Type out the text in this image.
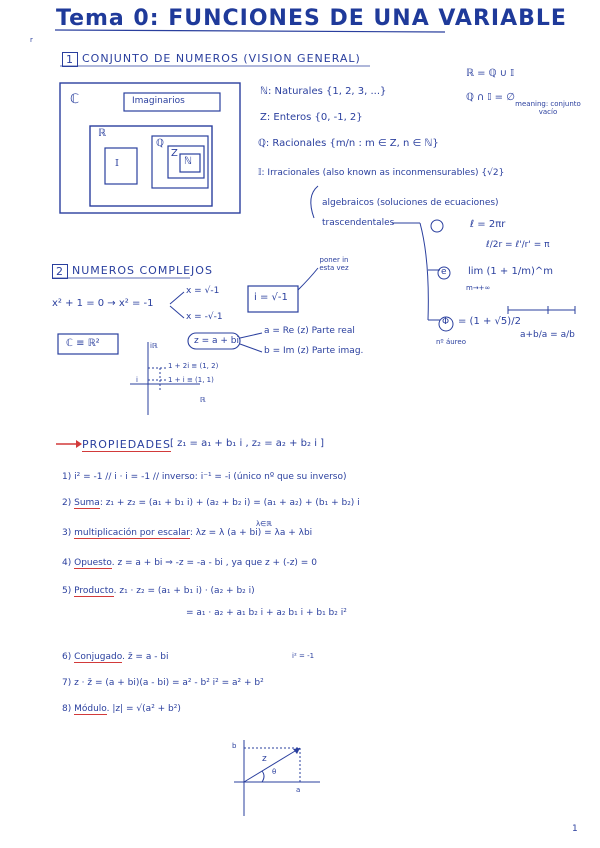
Tema 0: FUNCIONES DE UNA VARIABLE
r
1 CONJUNTO DE NUMEROS (VISION GENERAL)
ℂ	Imaginarios
ℝ
𝕀
ℚ
Z
ℕ
ℕ: Naturales {1, 2, 3, ...}
Z: Enteros {0, -1, 2}
ℚ: Racionales {m/n : m ∈ Z, n ∈ ℕ}
𝕀: Irracionales (also known as inconmensurables) {√2}
algebraicos (soluciones de ecuaciones)
trascendentales
ℝ = ℚ ∪ 𝕀
ℚ ∩ 𝕀 = ∅
meaning: conjunto vacío
ℓ = 2πr
ℓ/2r = ℓ'/r' = π
e lim (1 + 1/m)^m
m→+∞
Φ = (1 + √5)/2
nº áureo
a+b/a = a/b
2 NUMEROS COMPLEJOS
x² + 1 = 0 → x² = -1
x = √-1
x = -√-1
i = √-1
poner in esta vez
ℂ ≡ ℝ²	z = a + bi
a = Re (z) Parte real
b = Im (z) Parte imag.
iℝ
1 + 2i ≡ (1, 2)
1 + i ≡ (1, 1)
i
ℝ
PROPIEDADES [ z₁ = a₁ + b₁ i , z₂ = a₂ + b₂ i ]
1) i² = -1 // i · i = -1 // inverso: i⁻¹ = -i (único nº que su inverso)
2) Suma: z₁ + z₂ = (a₁ + b₁ i) + (a₂ + b₂ i) = (a₁ + a₂) + (b₁ + b₂) i
3) multiplicación por escalar: λz = λ (a + bi) = λa + λbi
λ∈ℝ
4) Opuesto. z = a + bi ⇒ -z = -a - bi , ya que z + (-z) = 0
5) Producto. z₁ · z₂ = (a₁ + b₁ i) · (a₂ + b₂ i)
= a₁ · a₂ + a₁ b₂ i + a₂ b₁ i + b₁ b₂ i²
6) Conjugado. z̄ = a - bi	i² = -1
7) z · z̄ = (a + bi)(a - bi) = a² - b² i² = a² + b²
8) Módulo. |z| = √(a² + b²)
z
θ
a
b
1
